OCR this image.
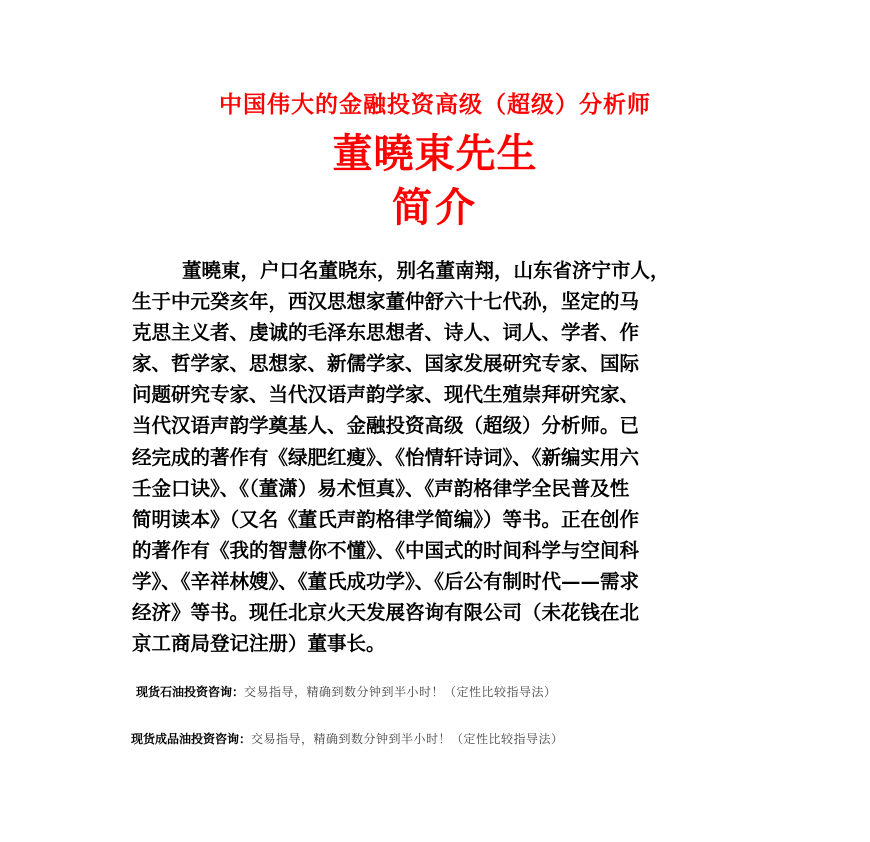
中国伟大的金融投资高级（超级）分析师
董曉東先生
简介
董曉東，户口名董晓东，别名董南翔，山东省济宁市人，
生于中元癸亥年，西汉思想家董仲舒六十七代孙，坚定的马
克思主义者、虔诚的毛泽东思想者、诗人、词人、学者、作
家、哲学家、思想家、新儒学家、国家发展研究专家、国际
问题研究专家、当代汉语声韵学家、现代生殖崇拜研究家、
当代汉语声韵学奠基人、金融投资高级（超级）分析师。已
经完成的著作有《绿肥红瘦》、《怡情轩诗词》、《新编实用六
壬金口诀》、《（董潇）易术恒真》、《声韵格律学全民普及性
简明读本》（又名《董氏声韵格律学简编》）等书。正在创作
的著作有《我的智慧你不懂》、《中国式的时间科学与空间科
学》、《辛祥林嫂》、《董氏成功学》、《后公有制时代——需求
经济》等书。现任北京火天发展咨询有限公司（未花钱在北
京工商局登记注册）董事长。
现货石油投资咨询：交易指导，精确到数分钟到半小时！（定性比较指导法）
现货成品油投资咨询：交易指导，精确到数分钟到半小时！（定性比较指导法）
